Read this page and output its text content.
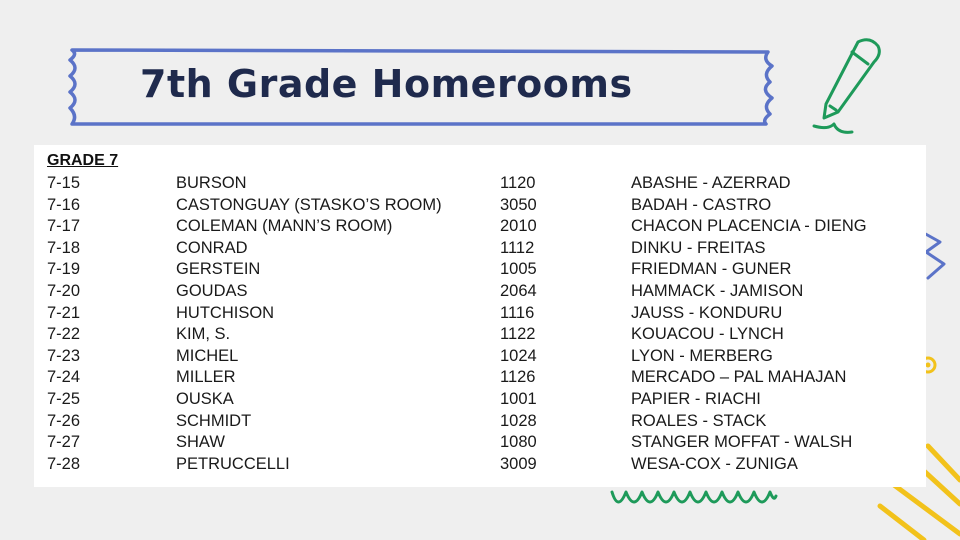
7th Grade Homerooms
GRADE 7
7-15	BURSON	1120	ABASHE - AZERRAD
7-16	CASTONGUAY (STASKO’S ROOM)	3050	BADAH - CASTRO
7-17	COLEMAN (MANN’S ROOM)	2010	CHACON PLACENCIA - DIENG
7-18	CONRAD	1112	DINKU - FREITAS
7-19	GERSTEIN	1005	FRIEDMAN - GUNER
7-20	GOUDAS	2064	HAMMACK - JAMISON
7-21	HUTCHISON	1116	JAUSS - KONDURU
7-22	KIM, S.	1122	KOUACOU - LYNCH
7-23	MICHEL	1024	LYON - MERBERG
7-24	MILLER	1126	MERCADO – PAL MAHAJAN
7-25	OUSKA	1001	PAPIER - RIACHI
7-26	SCHMIDT	1028	ROALES - STACK
7-27	SHAW	1080	STANGER MOFFAT - WALSH
7-28	PETRUCCELLI	3009	WESA-COX - ZUNIGA
